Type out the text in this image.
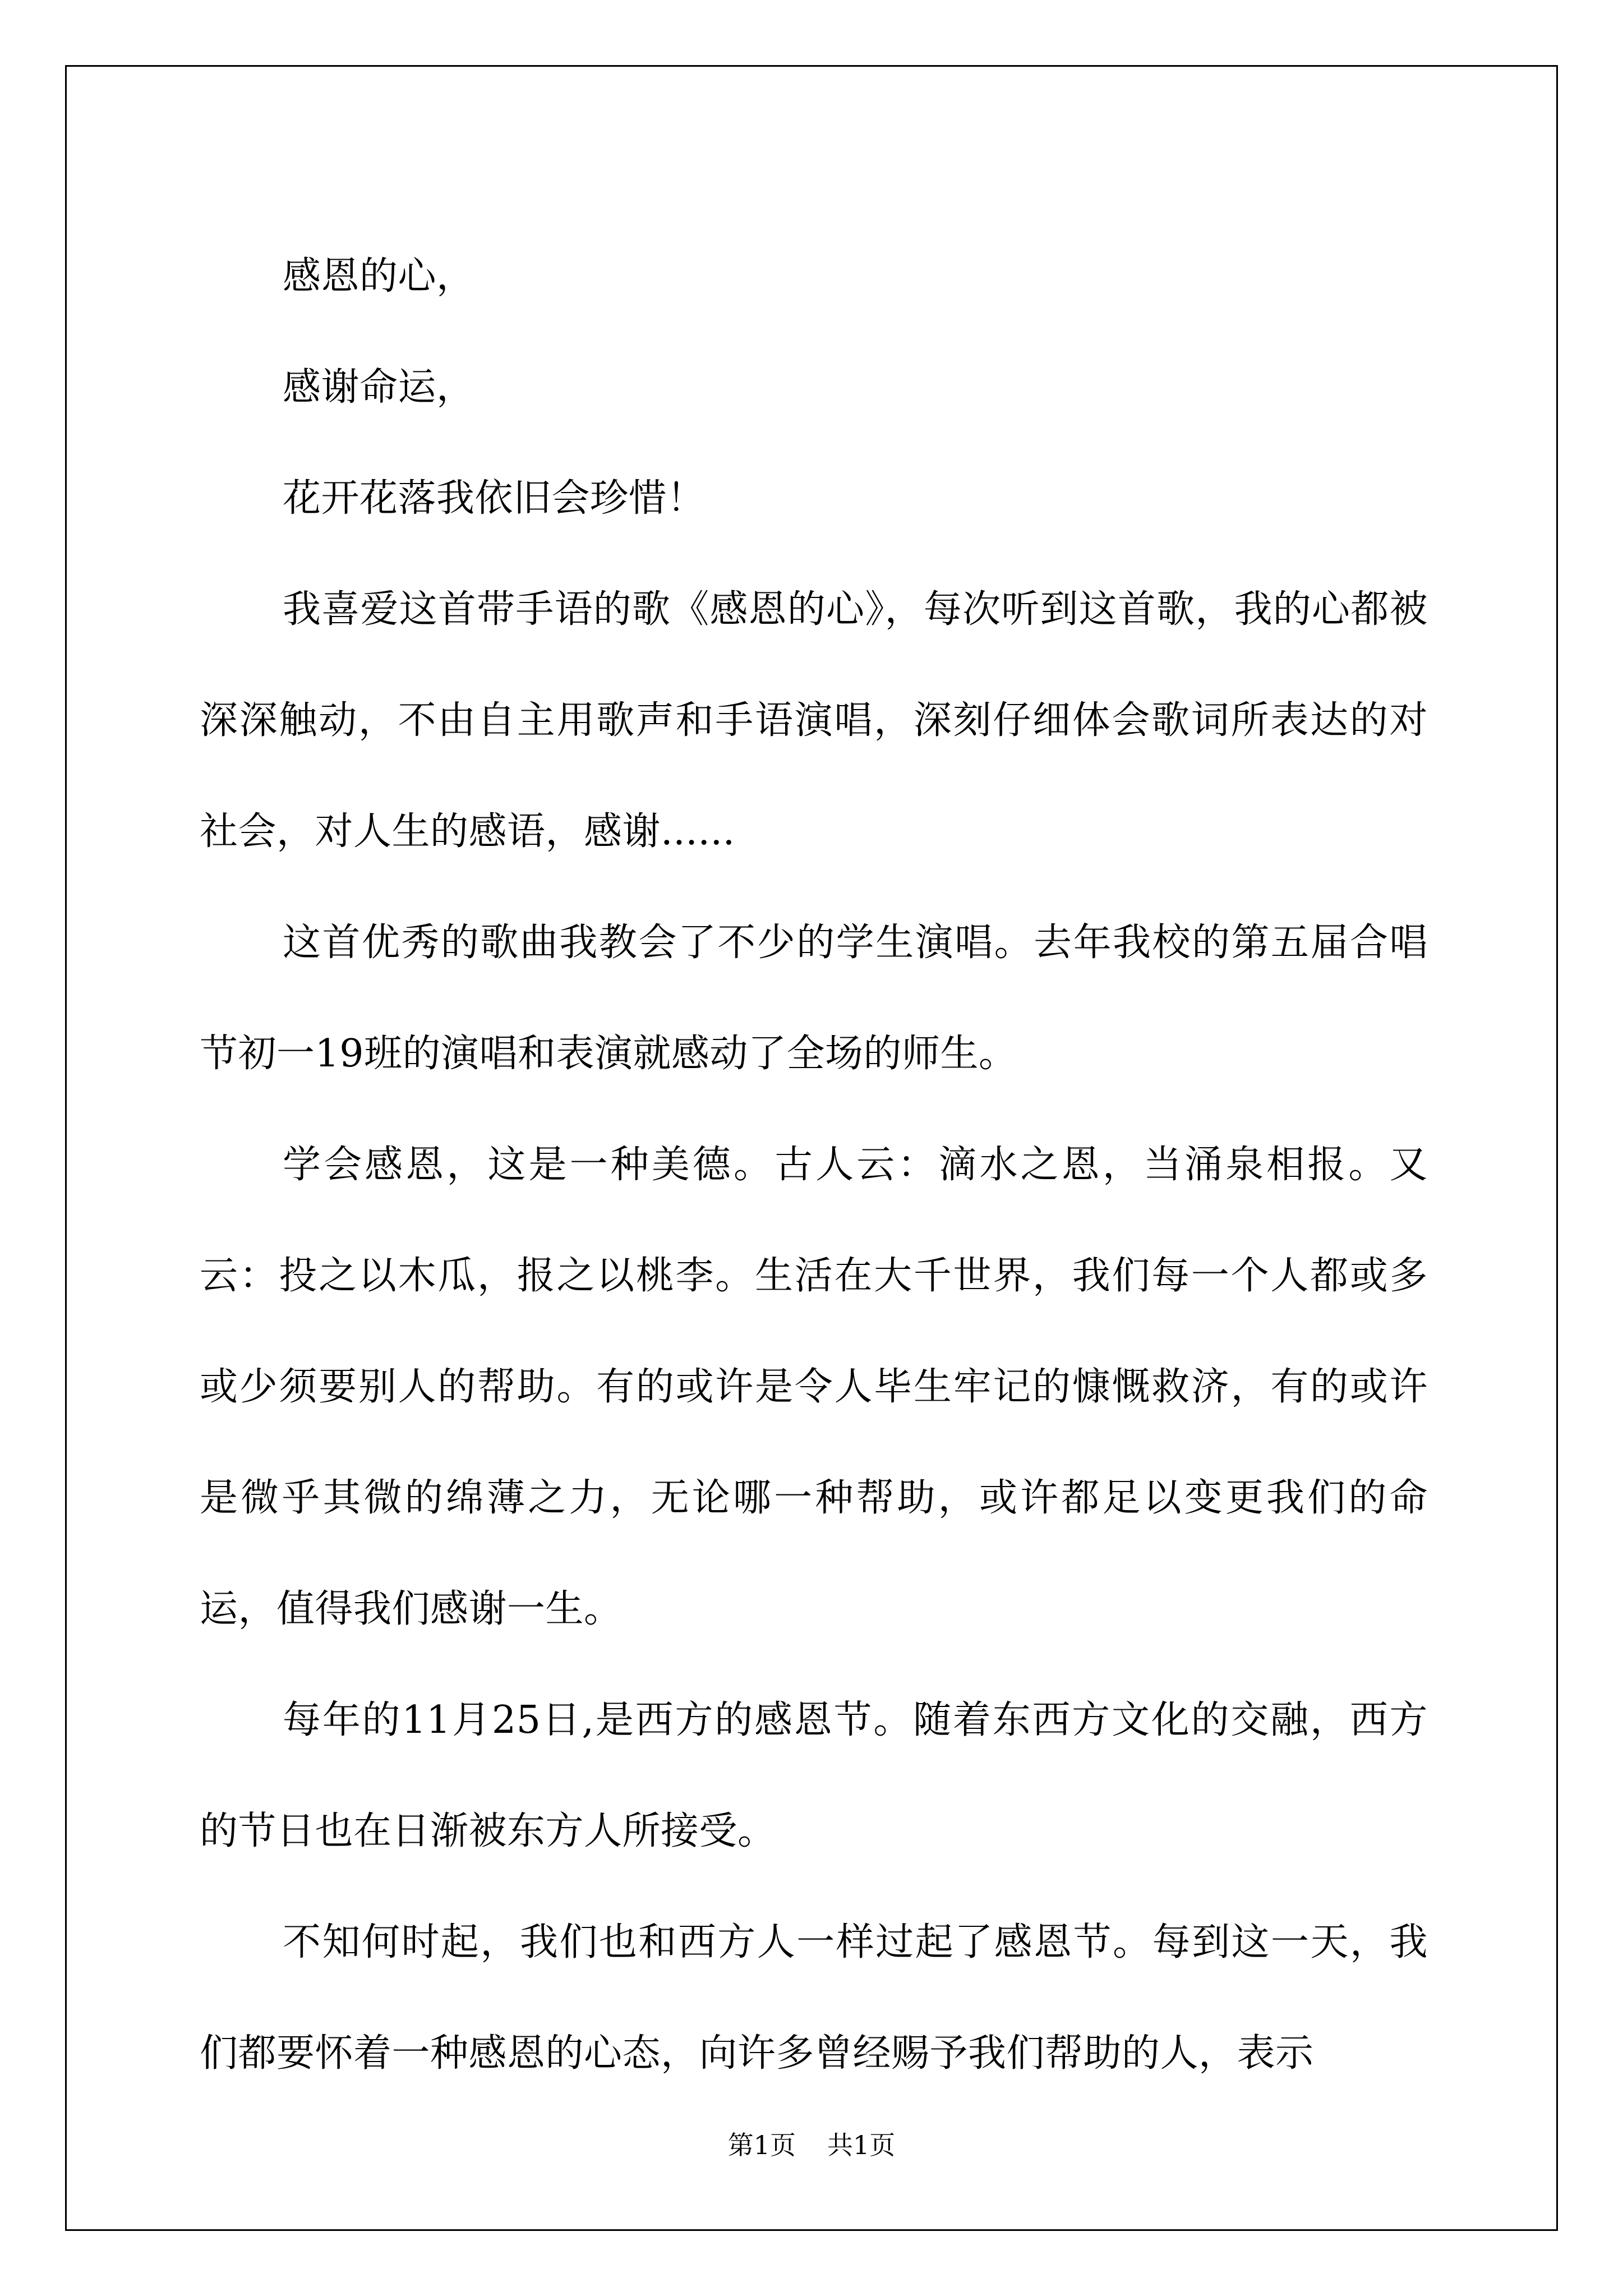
感恩的心，

感谢命运，

花开花落我依旧会珍惜！

我喜爱这首带手语的歌《感恩的心》，每次听到这首歌，我的心都被深深触动，不由自主用歌声和手语演唱，深刻仔细体会歌词所表达的对社会，对人生的感语，感谢......

这首优秀的歌曲我教会了不少的学生演唱。去年我校的第五届合唱节初一19班的演唱和表演就感动了全场的师生。

学会感恩，这是一种美德。古人云：滴水之恩，当涌泉相报。又云：投之以木瓜，报之以桃李。生活在大千世界，我们每一个人都或多或少须要别人的帮助。有的或许是令人毕生牢记的慷慨救济，有的或许是微乎其微的绵薄之力，无论哪一种帮助，或许都足以变更我们的命运，值得我们感谢一生。

每年的11月25日,是西方的感恩节。随着东西方文化的交融，西方的节日也在日渐被东方人所接受。

不知何时起，我们也和西方人一样过起了感恩节。每到这一天，我们都要怀着一种感恩的心态，向许多曾经赐予我们帮助的人，表示

第1页 共1页
